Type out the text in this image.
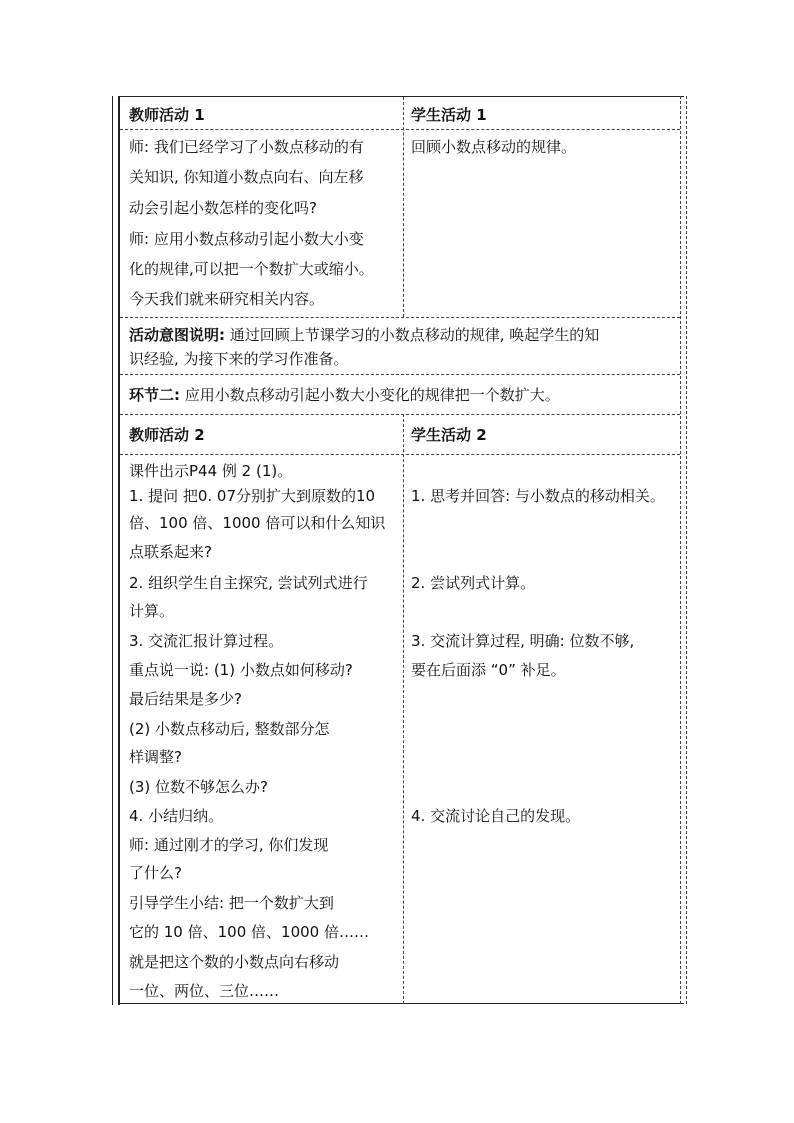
教师活动 1	学生活动 1
师: 我们已经学习了小数点移动的有
关知识, 你知道小数点向右、向左移
动会引起小数怎样的变化吗?
师: 应用小数点移动引起小数大小变
化的规律,可以把一个数扩大或缩小。
今天我们就来研究相关内容。
回顾小数点移动的规律。
活动意图说明: 通过回顾上节课学习的小数点移动的规律, 唤起学生的知
识经验, 为接下来的学习作准备。
环节二: 应用小数点移动引起小数大小变化的规律把一个数扩大。
教师活动 2	学生活动 2
课件出示P44 例 2 (1)。
1. 提问 把0. 07分别扩大到原数的10
倍、100 倍、1000 倍可以和什么知识
点联系起来?
2. 组织学生自主探究, 尝试列式进行
计算。
3. 交流汇报计算过程。
重点说一说: (1) 小数点如何移动?
最后结果是多少?
(2) 小数点移动后, 整数部分怎
样调整?
(3) 位数不够怎么办?
4. 小结归纳。
师: 通过刚才的学习, 你们发现
了什么?
引导学生小结: 把一个数扩大到
它的 10 倍、100 倍、1000 倍……
就是把这个数的小数点向右移动
一位、两位、三位……
1. 思考并回答: 与小数点的移动相关。
2. 尝试列式计算。
3. 交流计算过程, 明确: 位数不够,
要在后面添 “0” 补足。
4. 交流讨论自己的发现。
